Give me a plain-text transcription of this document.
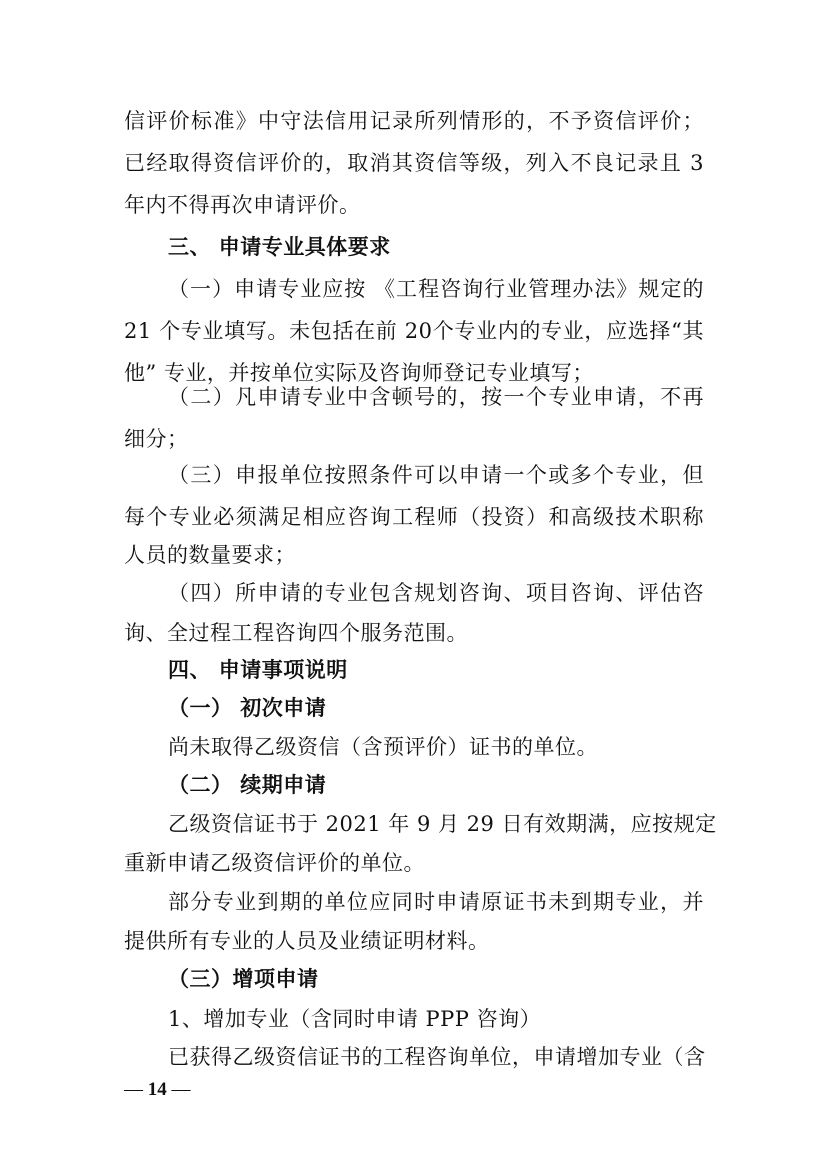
信评价标准》中守法信用记录所列情形的，不予资信评价；
已经取得资信评价的，取消其资信等级，列入不良记录且 3
年内不得再次申请评价。
三、 申请专业具体要求
（一）申请专业应按 《工程咨询行业管理办法》规定的
21 个专业填写。未包括在前 20个专业内的专业，应选择“其
他” 专业，并按单位实际及咨询师登记专业填写；
（二）凡申请专业中含顿号的，按一个专业申请，不再
细分；
（三）申报单位按照条件可以申请一个或多个专业，但
每个专业必须满足相应咨询工程师（投资）和高级技术职称
人员的数量要求；
（四）所申请的专业包含规划咨询、项目咨询、评估咨
询、全过程工程咨询四个服务范围。
四、 申请事项说明
（一） 初次申请
尚未取得乙级资信（含预评价）证书的单位。
（二） 续期申请
乙级资信证书于 2021 年 9 月 29 日有效期满，应按规定
重新申请乙级资信评价的单位。
部分专业到期的单位应同时申请原证书未到期专业，并
提供所有专业的人员及业绩证明材料。
（三）增项申请
1、增加专业（含同时申请 PPP 咨询）
已获得乙级资信证书的工程咨询单位，申请增加专业（含
— 14 —
